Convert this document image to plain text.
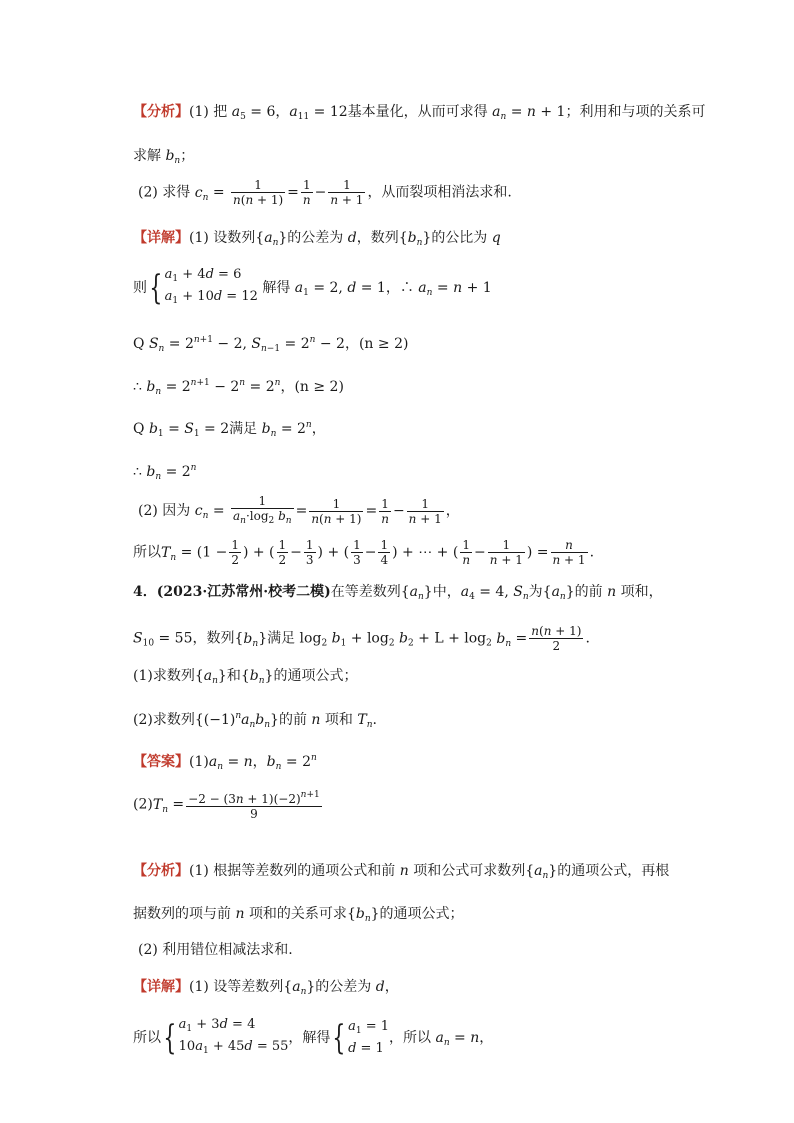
【分析】(1) 把 $a_5 = 6$，$a_{11} = 12$基本量化，从而可求得 $a_n = n + 1$；利用和与项的关系可
求解 $b_n$；
(2) 求得 $c_n = \frac{1}{n(n + 1)} = \frac{1}{n} - \frac{1}{n + 1}$ ，从而裂项相消法求和.
【详解】(1) 设数列$\{a_n\}$的公差为 d，数列$\{b_n\}$的公比为 q
则{ $a_1 + 4d = 6$
$a_1 + 10d = 12$ 解得 $a_1 = 2$, d = 1，∴ $a_n = n + 1$
Q $S_n = 2^{n+1} - 2$, $S_{n-1} = 2^n - 2$，(n ≥ 2)
∴ $b_n = 2^{n+1} - 2^n = 2^n$，(n ≥ 2)
Q $b_1 = S_1 = 2$满足 $b_n = 2^n$，
∴ $b_n = 2^n$
(2) 因为 $c_n = \frac{1}{a_n\cdot\log_2 b_n} = \frac{1}{n(n + 1)} = \frac{1}{n} - \frac{1}{n + 1}$ ，
所以$T_n = (1 - \frac{1}{2}$ ) + ( $\frac{1}{2} - \frac{1}{3}$ ) + ( $\frac{1}{3} - \frac{1}{4}$ ) + ⋯ + ( $\frac{1}{n} - \frac{1}{n + 1}$ ) = $\frac{n}{n + 1}$ .
4．(2023·江苏常州·校考二模)在等差数列$\{a_n\}$中，$a_4 = 4$, $S_n$为$\{a_n\}$的前 n 项和，
$S_{10} = 55$，数列$\{b_n\}$满足 $\log_2 b_1 + \log_2 b_2 + L + \log_2 b_n = \frac{n(n + 1)}{2}$ .
(1)求数列$\{a_n\}$和$\{b_n\}$的通项公式；
(2)求数列$\{(-1)^na_nb_n\}$的前 n 项和 $T_n$.
【答案】$(1)a_n = n$，$b_n = 2^n$
$(2)T_n = \frac{-2 - (3n + 1)(-2)^{n+1}}{9}$
【分析】(1) 根据等差数列的通项公式和前 n 项和公式可求数列$\{a_n\}$的通项公式，再根
据数列的项与前 n 项和的关系可求$\{b_n\}$的通项公式；
(2) 利用错位相减法求和.
【详解】(1) 设等差数列$\{a_n\}$的公差为 d，
所以{ $a_1 + 3d = 4$
$10a_1 + 45d = 55$，解得{ $a_1 = 1$
d = 1，所以 $a_n = n$，
